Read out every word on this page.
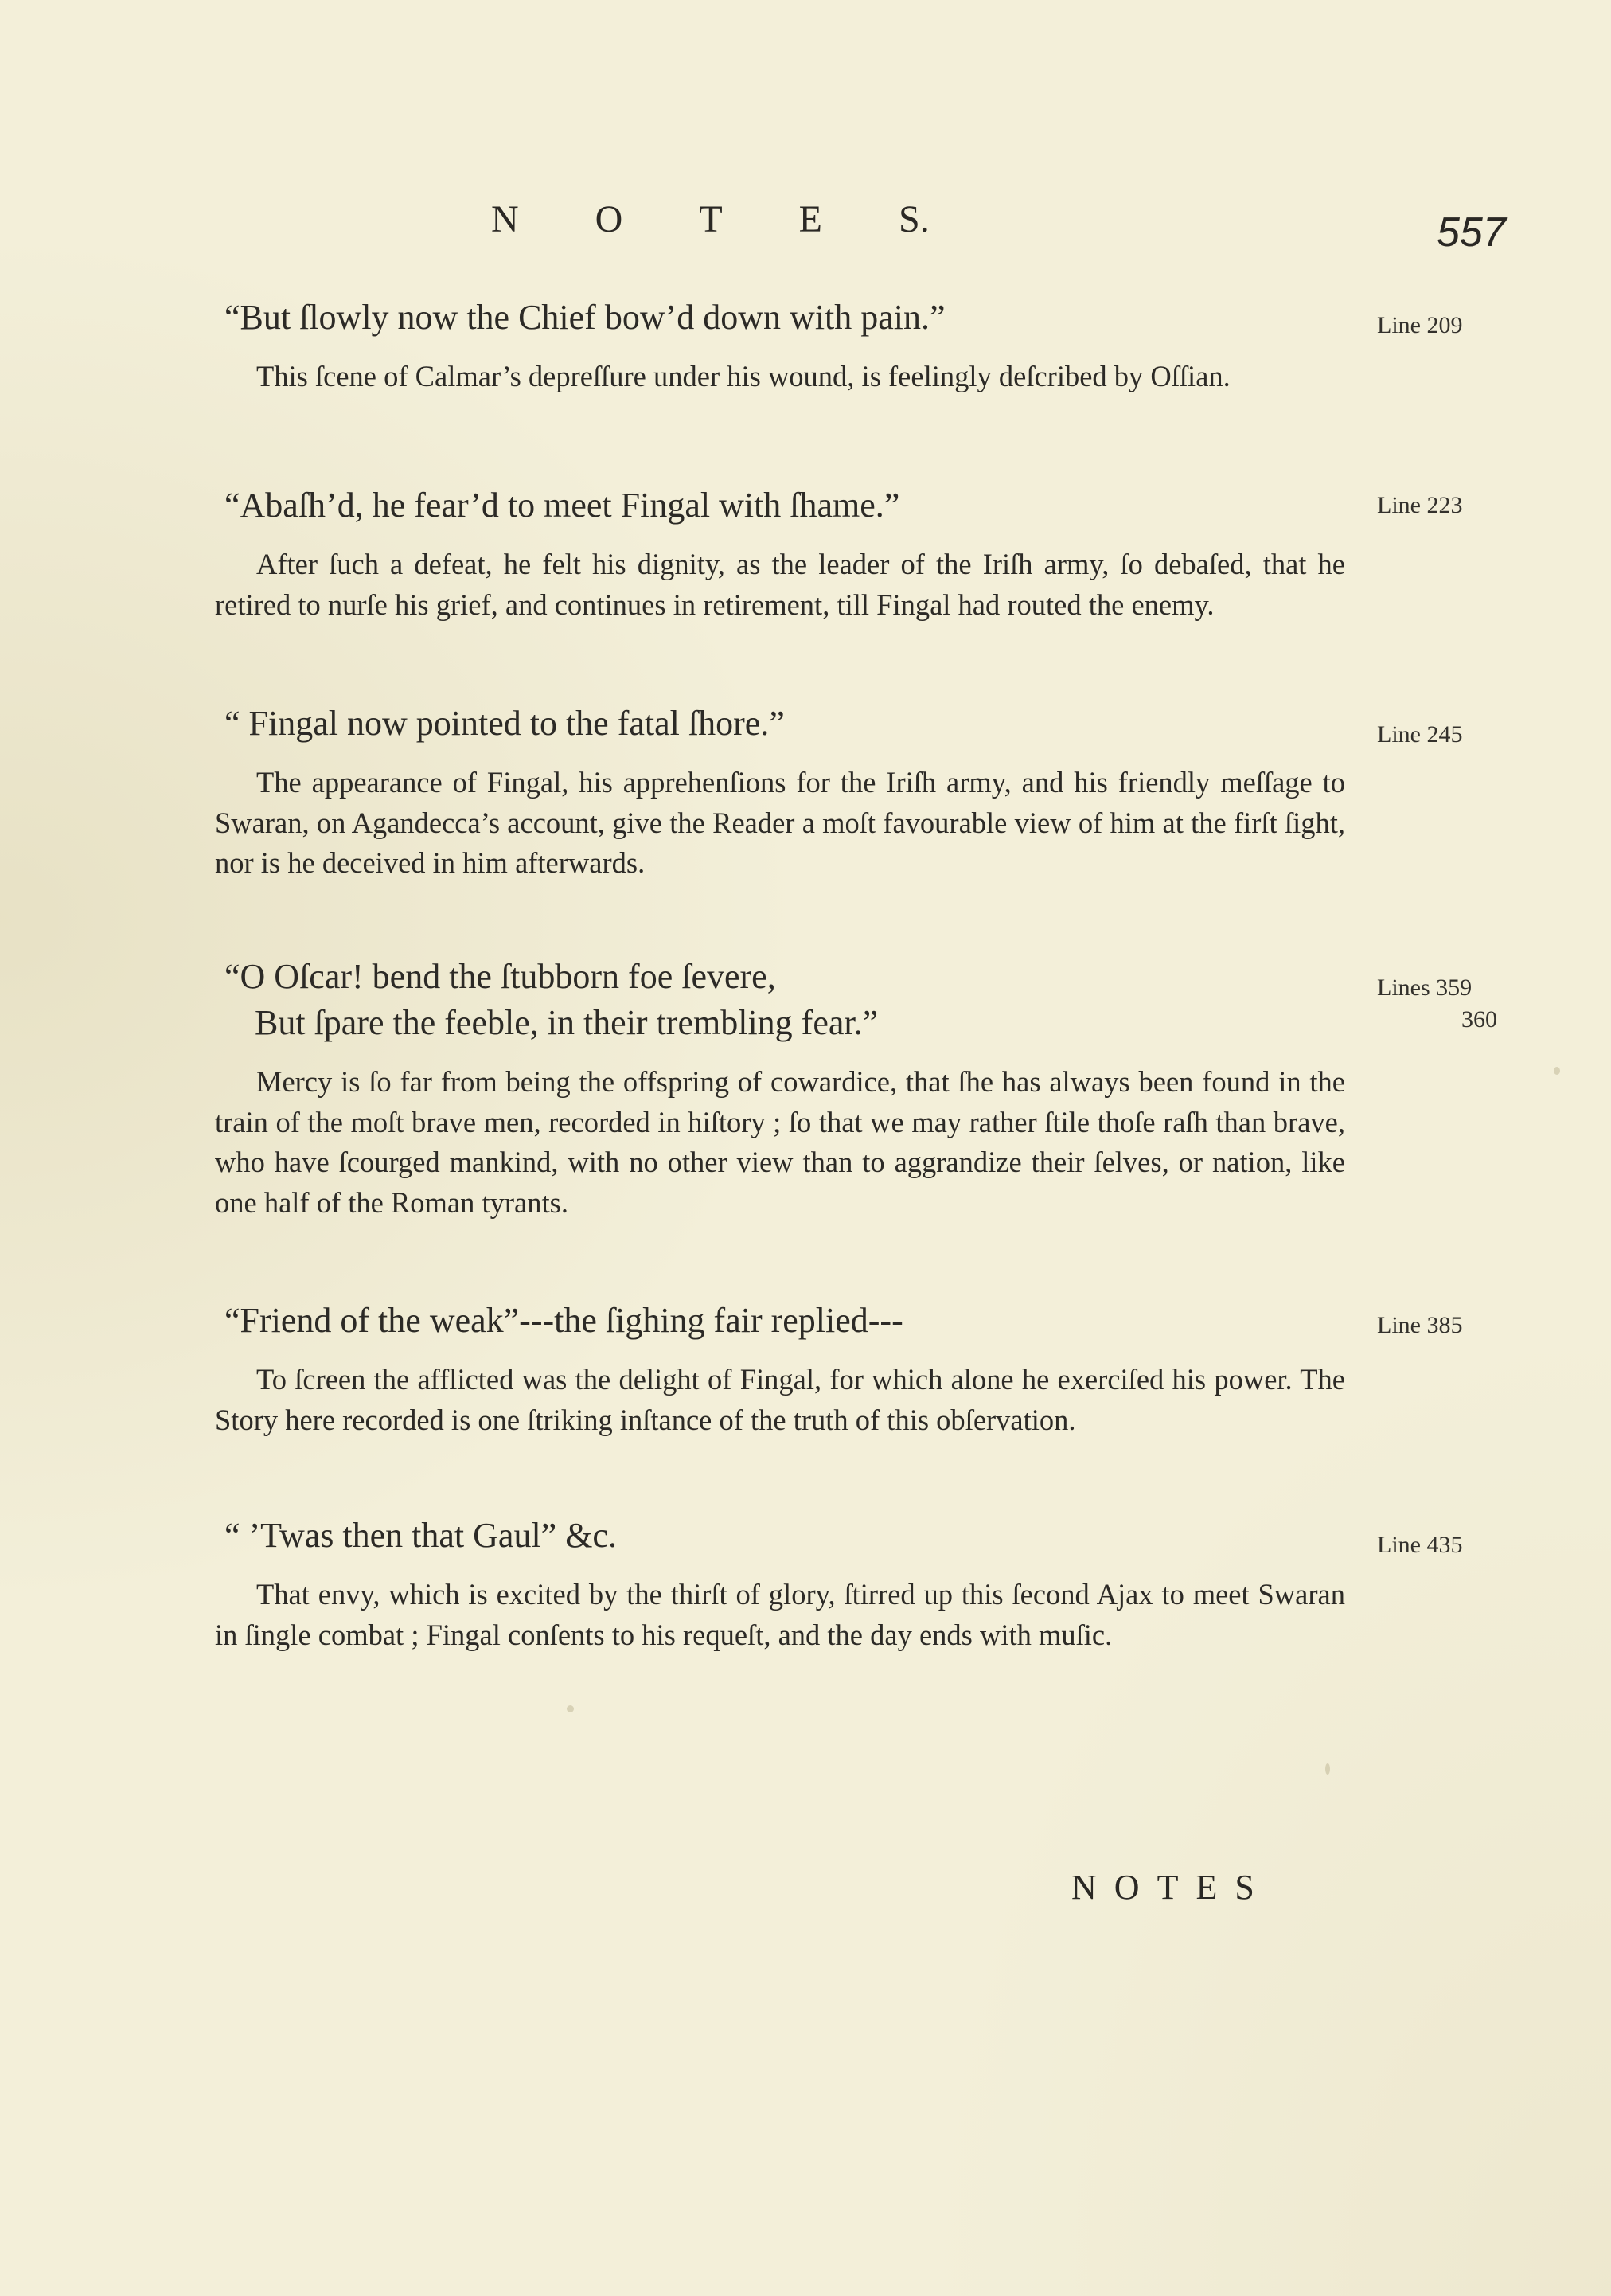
N O T E S.	557
“But ſlowly now the Chief bow’d down with pain.”
This ſcene of Calmar’s depreſſure under his wound, is feelingly deſcribed by Oſſian.
Line 209
“Abaſh’d, he fear’d to meet Fingal with ſhame.”
After ſuch a defeat, he felt his dignity, as the leader of the Iriſh army, ſo debaſed, that he retired to nurſe his grief, and continues in retirement, till Fingal had routed the enemy.
Line 223
“ Fingal now pointed to the fatal ſhore.”
The appearance of Fingal, his apprehenſions for the Iriſh army, and his friendly meſſage to Swaran, on Agandecca’s account, give the Reader a moſt favourable view of him at the firſt ſight, nor is he deceived in him afterwards.
Line 245
“O Oſcar! bend the ſtubborn foe ſevere,
But ſpare the feeble, in their trembling fear.”
Mercy is ſo far from being the offspring of cowardice, that ſhe has always been found in the train of the moſt brave men, recorded in hiſtory ; ſo that we may rather ſtile thoſe raſh than brave, who have ſcourged mankind, with no other view than to aggrandize their ſelves, or nation, like one half of the Roman tyrants.
Lines 359
360
“Friend of the weak”---the ſighing fair replied---
To ſcreen the afflicted was the delight of Fingal, for which alone he exerciſed his power. The Story here recorded is one ſtriking inſtance of the truth of this obſervation.
Line 385
“ ’Twas then that Gaul” &c.
That envy, which is excited by the thirſt of glory, ſtirred up this ſecond Ajax to meet Swaran in ſingle combat ; Fingal conſents to his requeſt, and the day ends with muſic.
Line 435
N O T E S
